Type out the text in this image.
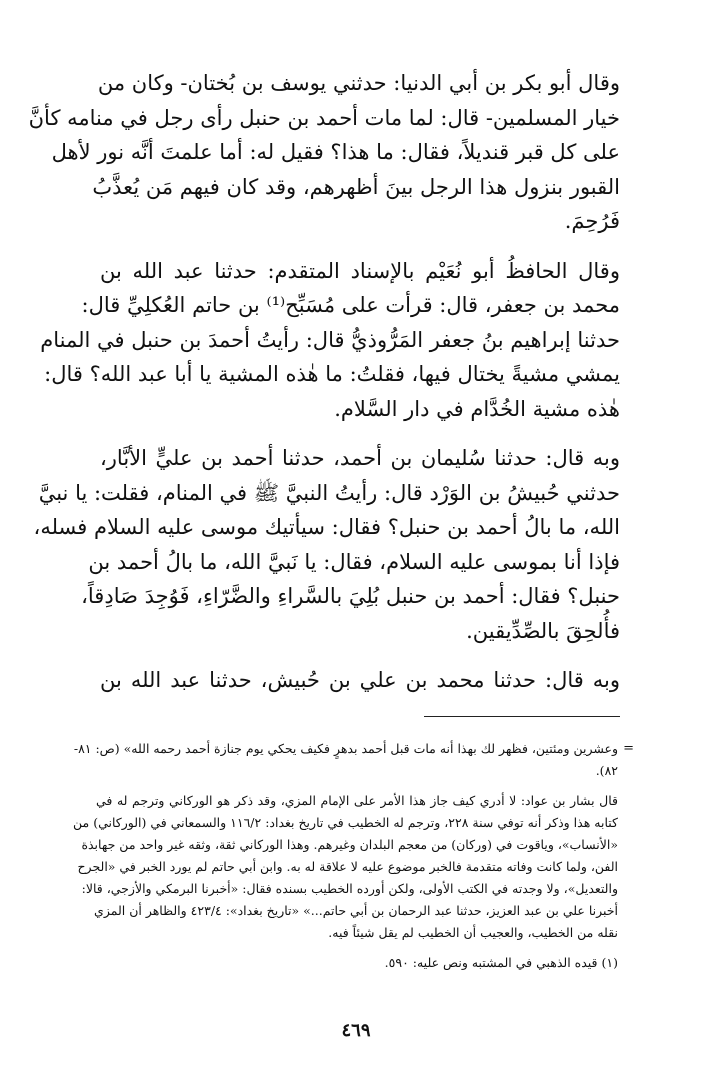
وقال أبو بكر بن أبي الدنيا: حدثني يوسف بن بُختان- وكان من
خيار المسلمين- قال: لما مات أحمد بن حنبل رأى رجل في منامه كأنَّ
على كل قبر قنديلاً، فقال: ما هذا؟ فقيل له: أما علمتَ أنَّه نور لأهل
القبور بنزول هذا الرجل بينَ أظهرهم، وقد كان فيهم مَن يُعذَّبُ
فَرُحِمَ.
وقال الحافظُ أبو نُعَيْم بالإسناد المتقدم: حدثنا عبد الله بن
محمد بن جعفر، قال: قرأت على مُسَبِّح⁽¹⁾ بن حاتم العُكلِيِّ قال:
حدثنا إبراهيم بنُ جعفر المَرُّوذيُّ قال: رأيتُ أحمدَ بن حنبل في المنام
يمشي مشيةً يختال فيها، فقلتُ: ما هٰذه المشية يا أبا عبد الله؟ قال:
هٰذه مشية الخُدَّام في دار السَّلام.
وبه قال: حدثنا سُليمان بن أحمد، حدثنا أحمد بن عليٍّ الأبَّار،
حدثني حُبيشُ بن الوَرْد قال: رأيتُ النبيَّ ﷺ في المنام، فقلت: يا نبيَّ
الله، ما بالُ أحمد بن حنبل؟ فقال: سيأتيك موسى عليه السلام فسله،
فإذا أنا بموسى عليه السلام، فقال: يا نَبيَّ الله، ما بالُ أحمد بن
حنبل؟ فقال: أحمد بن حنبل بُلِيَ بالسَّراءِ والضَّرّاءِ، فَوُجِدَ صَادِقاً،
فأُلحِقَ بالصِّدِّيقين.
وبه قال: حدثنا محمد بن علي بن حُبيش، حدثنا عبد الله بن
=
وعشرين ومئتين، فظهر لك بهذا أنه مات قبل أحمد بدهرٍ فكيف يحكي يوم جنازة أحمد رحمه الله» (ص: ٨١-
٨٢).
قال بشار بن عواد: لا أدري كيف جاز هذا الأمر على الإمام المزي، وقد ذكر هو الوركاني وترجم له في
كتابه هذا وذكر أنه توفي سنة ٢٢٨، وترجم له الخطيب في تاريخ بغداد: ١١٦/٢ والسمعاني في (الوركاني) من
«الأنساب»، وياقوت في (وركان) من معجم البلدان وغيرهم. وهذا الوركاني ثقة، وثقه غير واحد من جهابذة
الفن، ولما كانت وفاته متقدمة فالخبر موضوع عليه لا علاقة له به. وابن أبي حاتم لم يورد الخبر في «الجرح
والتعديل»، ولا وجدته في الكتب الأولى، ولكن أورده الخطيب بسنده فقال: «أخبرنا البرمكي والأزجي، قالا:
أخبرنا علي بن عبد العزيز، حدثنا عبد الرحمان بن أبي حاتم...» «تاريخ بغداد»: ٤٢٣/٤ والظاهر أن المزي
نقله من الخطيب، والعجيب أن الخطيب لم يقل شيئاً فيه.
(١) قيده الذهبي في المشتبه ونص عليه: ٥٩٠.
٤٦٩
